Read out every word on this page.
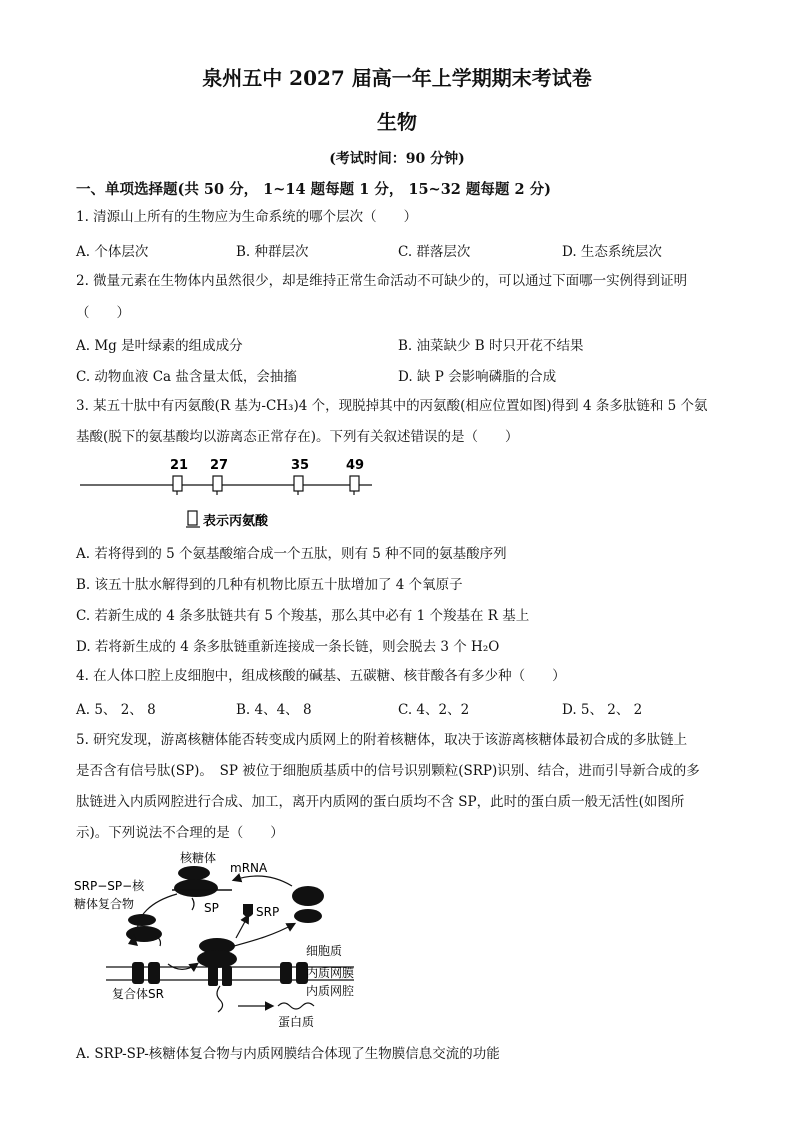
泉州五中 2027 届高一年上学期期末考试卷
生物
(考试时间：90 分钟)
一、单项选择题(共 50 分， 1~14 题每题 1 分， 15~32 题每题 2 分)
1. 清源山上所有的生物应为生命系统的哪个层次（　　）
A. 个体层次	B. 种群层次	C. 群落层次	D. 生态系统层次
2. 微量元素在生物体内虽然很少，却是维持正常生命活动不可缺少的，可以通过下面哪一实例得到证明
（　　）
A. Mg 是叶绿素的组成成分	B. 油菜缺少 B 时只开花不结果
C. 动物血液 Ca 盐含量太低，会抽搐	D. 缺 P 会影响磷脂的合成
3. 某五十肽中有丙氨酸(R 基为-CH₃)4 个，现脱掉其中的丙氨酸(相应位置如图)得到 4 条多肽链和 5 个氨
基酸(脱下的氨基酸均以游离态正常存在)。下列有关叙述错误的是（　　）
21 27	35	49
表示丙氨酸
A. 若将得到的 5 个氨基酸缩合成一个五肽，则有 5 种不同的氨基酸序列
B. 该五十肽水解得到的几种有机物比原五十肽增加了 4 个氧原子
C. 若新生成的 4 条多肽链共有 5 个羧基，那么其中必有 1 个羧基在 R 基上
D. 若将新生成的 4 条多肽链重新连接成一条长链，则会脱去 3 个 H₂O
4. 在人体口腔上皮细胞中，组成核酸的碱基、五碳糖、核苷酸各有多少种（　　）
A. 5、 2、 8	B. 4、4、 8	C. 4、2、2	D. 5、 2、 2
5. 研究发现，游离核糖体能否转变成内质网上的附着核糖体，取决于该游离核糖体最初合成的多肽链上
是否含有信号肽(SP)。　SP 被位于细胞质基质中的信号识别颗粒(SRP)识别、结合，进而引导新合成的多
肽链进入内质网腔进行合成、加工，离开内质网的蛋白质均不含 SP，此时的蛋白质一般无活性(如图所
示)。下列说法不合理的是（　　）
核糖体
mRNA
SRP−SP−核
糖体复合物	SP	SRP
细胞质
内质网膜
内质网腔
复合体SR
蛋白质
A. SRP-SP-核糖体复合物与内质网膜结合体现了生物膜信息交流的功能
